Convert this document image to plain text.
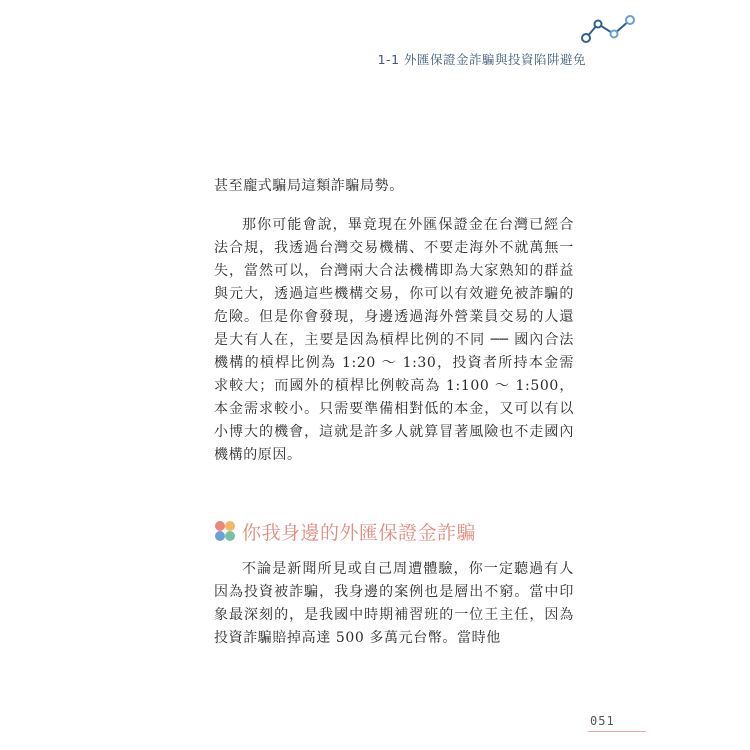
1-1 外匯保證金詐騙與投資陷阱避免

甚至龐式騙局這類詐騙局勢。

那你可能會說，畢竟現在外匯保證金在台灣已經合法合規，我透過台灣交易機構、不要走海外不就萬無一失，當然可以，台灣兩大合法機構即為大家熟知的群益與元大，透過這些機構交易，你可以有效避免被詐騙的危險。但是你會發現，身邊透過海外營業員交易的人還是大有人在，主要是因為槓桿比例的不同 ── 國內合法機構的槓桿比例為 1:20 ～ 1:30，投資者所持本金需求較大；而國外的槓桿比例較高為 1:100 ～ 1:500，本金需求較小。只需要準備相對低的本金，又可以有以小博大的機會，這就是許多人就算冒著風險也不走國內機構的原因。

你我身邊的外匯保證金詐騙

不論是新聞所見或自己周遭體驗，你一定聽過有人因為投資被詐騙，我身邊的案例也是層出不窮。當中印象最深刻的，是我國中時期補習班的一位王主任，因為投資詐騙賠掉高達 500 多萬元台幣。當時他

051
